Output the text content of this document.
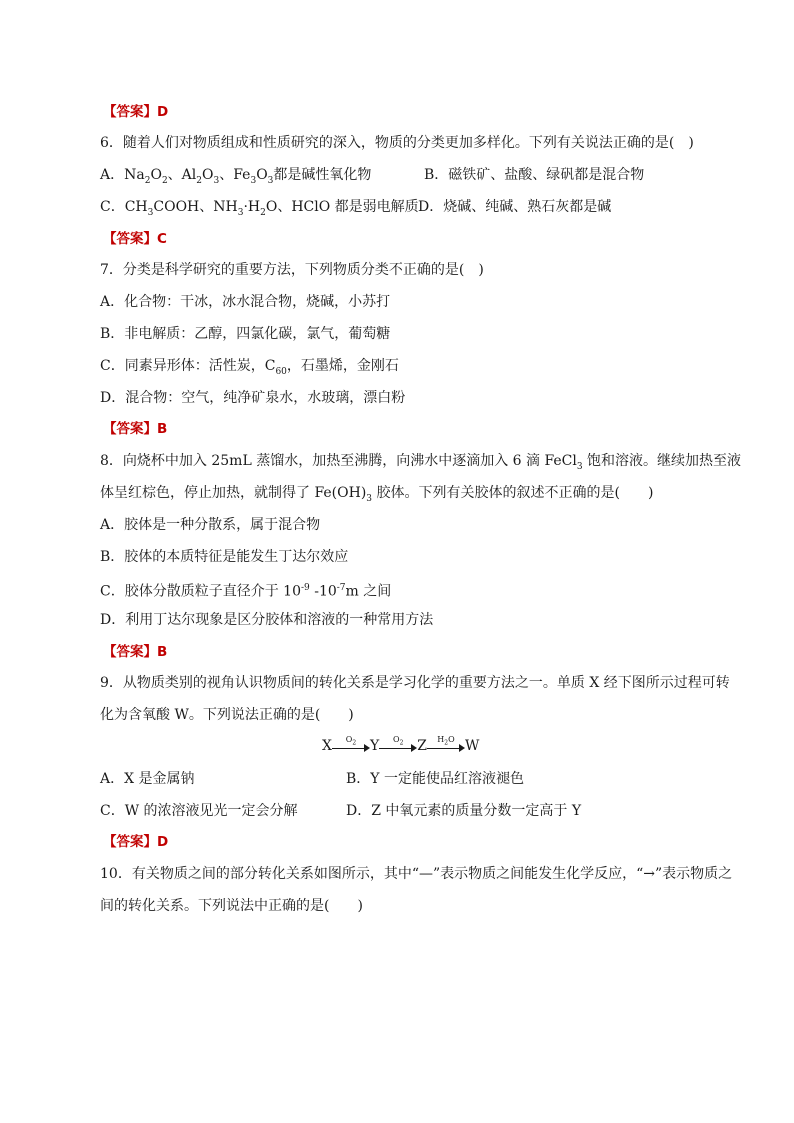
【答案】D
6．随着人们对物质组成和性质研究的深入，物质的分类更加多样化。下列有关说法正确的是(　)
A．$Na_2O_2$、$Al_2O_3$、$Fe_3O_3$都是碱性氧化物	B．磁铁矿、盐酸、绿矾都是混合物
C．$CH_3COOH$、$NH_3\cdot H_2O$、HClO 都是弱电解质 D．烧碱、纯碱、熟石灰都是碱
【答案】C
7．分类是科学研究的重要方法，下列物质分类不正确的是(　)
A．化合物：干冰，冰水混合物，烧碱，小苏打
B．非电解质：乙醇，四氯化碳，氯气，葡萄糖
C．同素异形体：活性炭，$C_{60}$，石墨烯，金刚石
D．混合物：空气，纯净矿泉水，水玻璃，漂白粉
【答案】B
8．向烧杯中加入 25mL 蒸馏水，加热至沸腾，向沸水中逐滴加入 6 滴 FeCl$_3$ 饱和溶液。继续加热至液
体呈红棕色，停止加热，就制得了 $Fe(OH)_3$ 胶体。下列有关胶体的叙述不正确的是(　　)
A．胶体是一种分散系，属于混合物
B．胶体的本质特征是能发生丁达尔效应
C．胶体分散质粒子直径介于 $10^{-9}$ $-10^{-7}m$ 之间
D．利用丁达尔现象是区分胶体和溶液的一种常用方法
【答案】B
9．从物质类别的视角认识物质间的转化关系是学习化学的重要方法之一。单质 X 经下图所示过程可转
化为含氧酸 W。下列说法正确的是(　　)
X	$O_2$ Y	$O_2$ Z	$H_2O$ W
A．X 是金属钠	B．Y 一定能使品红溶液褪色
C．W 的浓溶液见光一定会分解	D．Z 中氧元素的质量分数一定高于 Y
【答案】D
10．有关物质之间的部分转化关系如图所示，其中“—”表示物质之间能发生化学反应，“→”表示物质之
间的转化关系。下列说法中正确的是(　　)
